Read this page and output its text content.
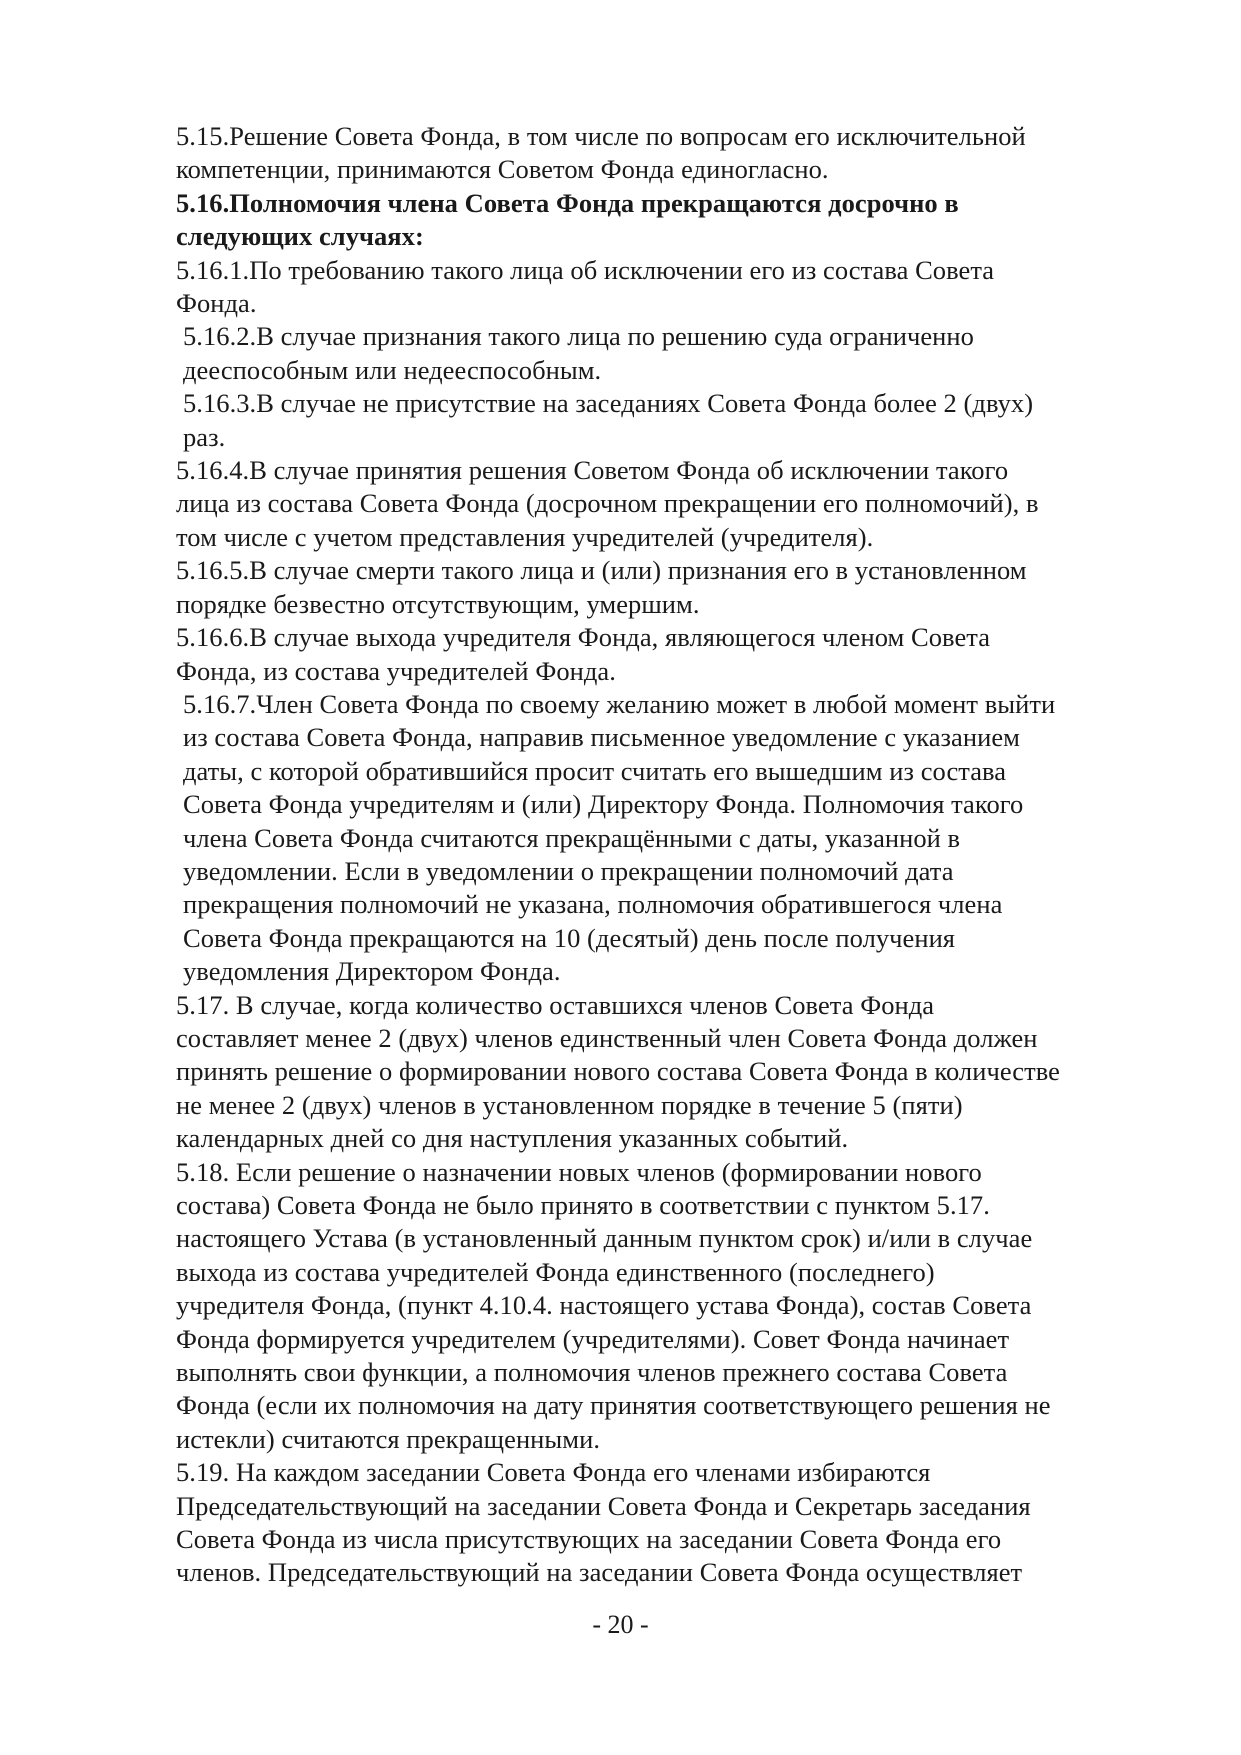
5.15.Решение Совета Фонда, в том числе по вопросам его исключительной
компетенции, принимаются Советом Фонда единогласно.
5.16.Полномочия члена Совета Фонда прекращаются досрочно в
следующих случаях:
5.16.1.По требованию такого лица об исключении его из состава Совета
Фонда.
5.16.2.В случае признания такого лица по решению суда ограниченно
дееспособным или недееспособным.
5.16.3.В случае не присутствие на заседаниях Совета Фонда более 2 (двух)
раз.
5.16.4.В случае принятия решения Советом Фонда об исключении такого
лица из состава Совета Фонда (досрочном прекращении его полномочий), в
том числе с учетом представления учредителей (учредителя).
5.16.5.В случае смерти такого лица и (или) признания его в установленном
порядке безвестно отсутствующим, умершим.
5.16.6.В случае выхода учредителя Фонда, являющегося членом Совета
Фонда, из состава учредителей Фонда.
5.16.7.Член Совета Фонда по своему желанию может в любой момент выйти
из состава Совета Фонда, направив письменное уведомление с указанием
даты, с которой обратившийся просит считать его вышедшим из состава
Совета Фонда учредителям и (или) Директору Фонда. Полномочия такого
члена Совета Фонда считаются прекращёнными с даты, указанной в
уведомлении. Если в уведомлении о прекращении полномочий дата
прекращения полномочий не указана, полномочия обратившегося члена
Совета Фонда прекращаются на 10 (десятый) день после получения
уведомления Директором Фонда.
5.17. В случае, когда количество оставшихся членов Совета Фонда
составляет менее 2 (двух) членов единственный член Совета Фонда должен
принять решение о формировании нового состава Совета Фонда в количестве
не менее 2 (двух) членов в установленном порядке в течение 5 (пяти)
календарных дней со дня наступления указанных событий.
5.18. Если решение о назначении новых членов (формировании нового
состава) Совета Фонда не было принято в соответствии с пунктом 5.17.
настоящего Устава (в установленный данным пунктом срок) и/или в случае
выхода из состава учредителей Фонда единственного (последнего)
учредителя Фонда, (пункт 4.10.4. настоящего устава Фонда), состав Совета
Фонда формируется учредителем (учредителями). Совет Фонда начинает
выполнять свои функции, а полномочия членов прежнего состава Совета
Фонда (если их полномочия на дату принятия соответствующего решения не
истекли) считаются прекращенными.
5.19. На каждом заседании Совета Фонда его членами избираются
Председательствующий на заседании Совета Фонда и Секретарь заседания
Совета Фонда из числа присутствующих на заседании Совета Фонда его
членов. Председательствующий на заседании Совета Фонда осуществляет
- 20 -
